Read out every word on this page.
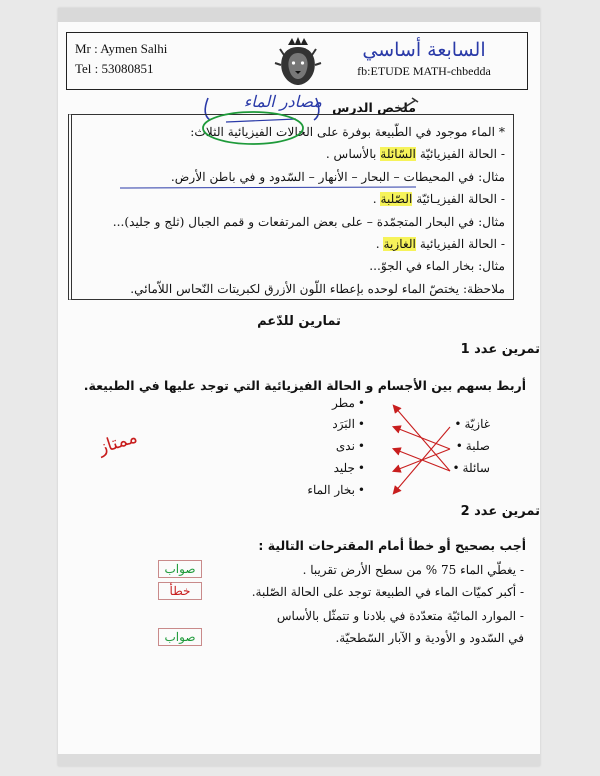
Mr : Aymen Salhi
Tel : 53080851
السابعة أساسي
fb:ETUDE MATH-chbedda
ملخص الدرس
مصادر الماء
* الماء موجود في الطّبيعة بوفرة على الحالات الفيزيائية الثلاث:
- الحالة الفيزيائيّة السّائلة بالأساس .
مثال: في المحيطات – البحار – الأنهار – السّدود و في باطن الأرض.
- الحالة الفيزيـائيّة الصّلبة .
مثال: في البحار المتجمّدة – على بعض المرتفعات و قمم الجبال (ثلج و جليد)...
- الحالة الفيزيائية الغازية .
مثال: بخار الماء في الجوّ...
ملاحظة: يختصّ الماء لوحده بإعطاء اللّون الأزرق لكبريتات النّحاس اللاّمائي.
تمارين للدّعم
تمرين عدد 1
أربط بسهم بين الأجسام و الحالة الفيزيائية التي توجد عليها في الطبيعة.
• مطر
• البَرَد
• ندى
• جليد
• بخار الماء
غازيّة•
صلبة•
سائلة•
ممتاز
تمرين عدد 2
أجب بصحيح أو خطأ أمام المقترحات التالية :
- يغطّي الماء 75 % من سطح الأرض تقريبا .
- أكبر كميّات الماء في الطبيعة توجد على الحالة الصّلبة.
- الموارد المائيّة متعدّدة في بلادنا و تتمثّل بالأساس
في السّدود و الأودية و الآبار السّطحيّة.
صواب
خطأ
صواب
